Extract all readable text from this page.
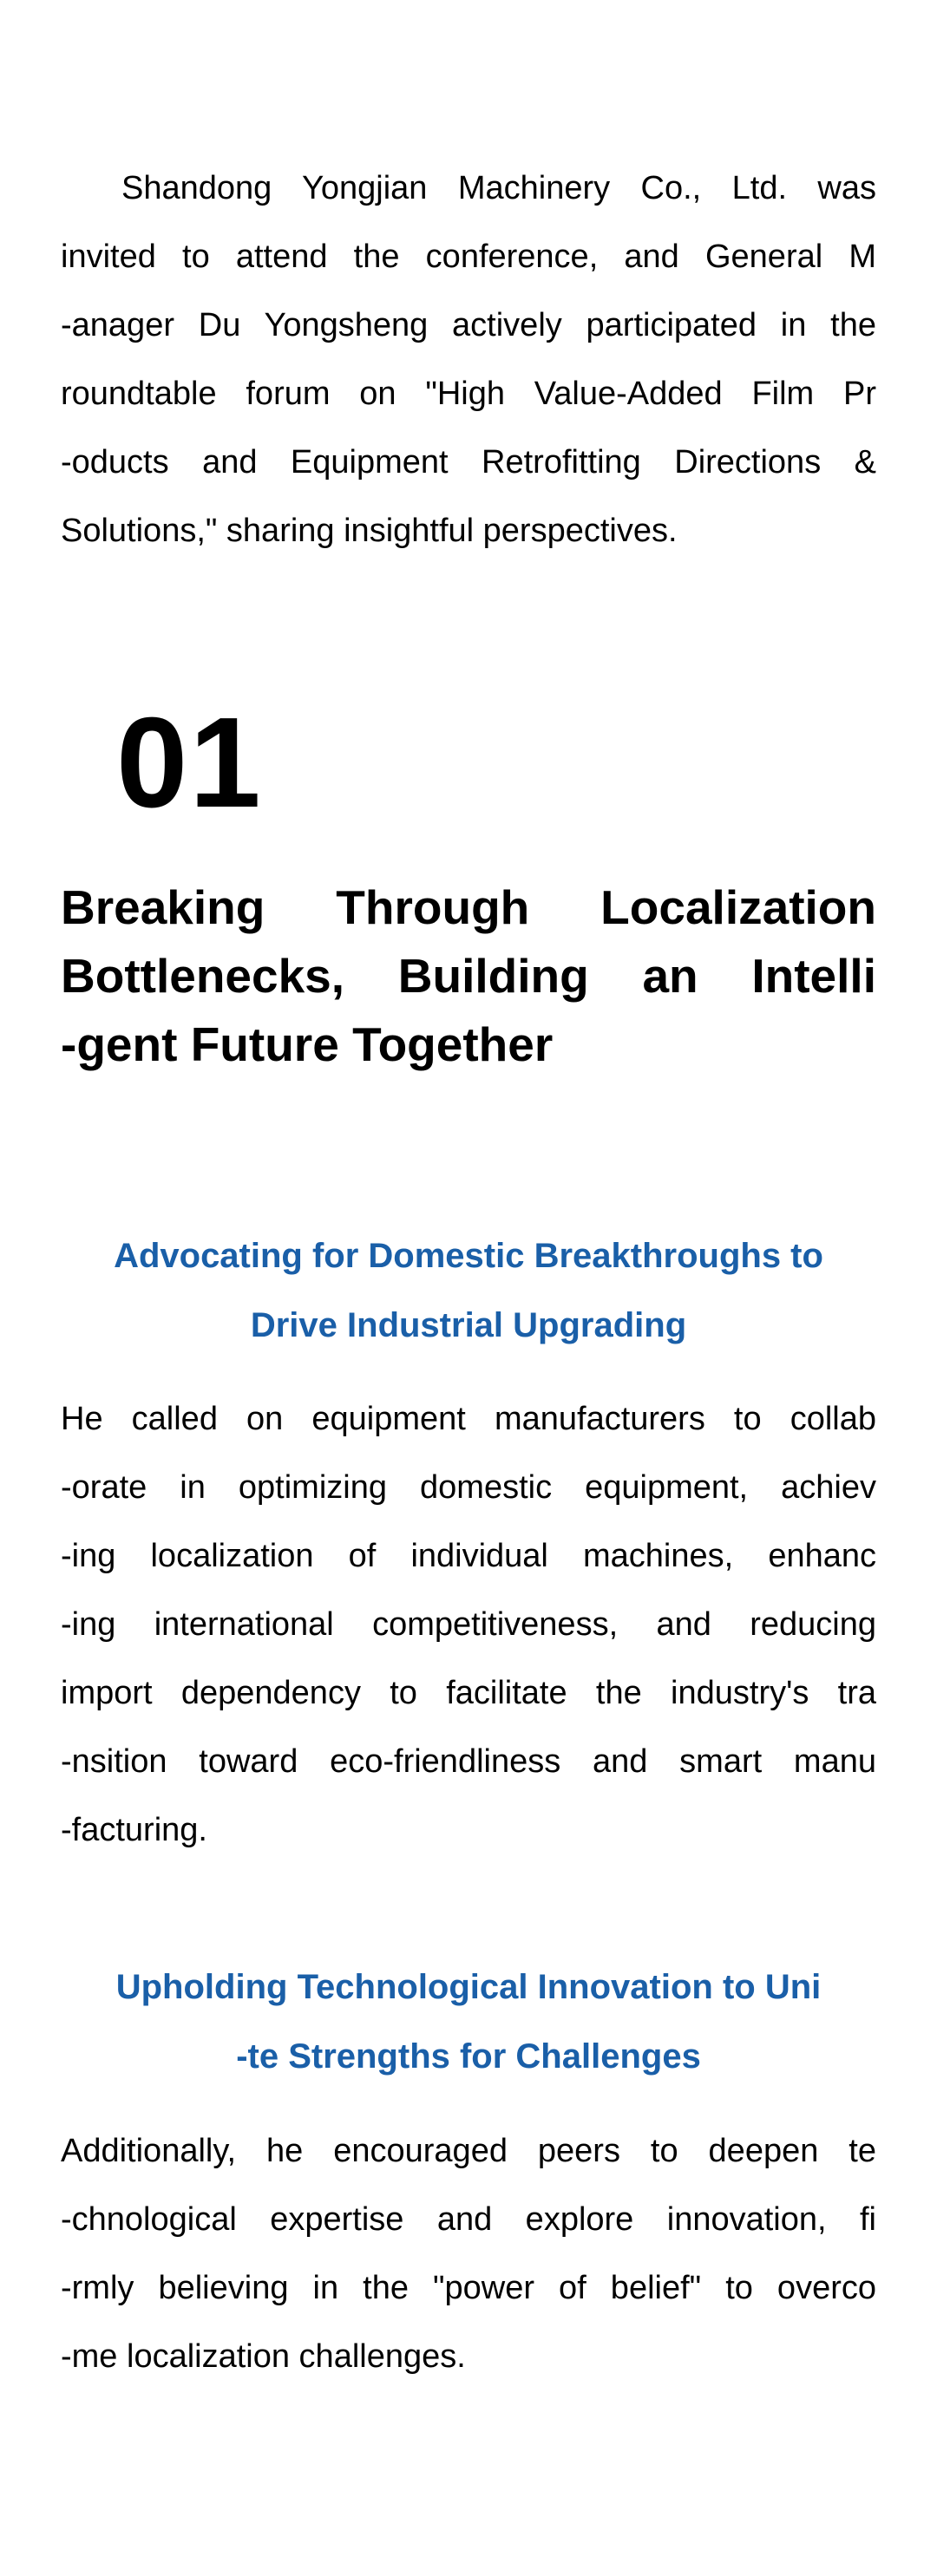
Shandong Yongjian Machinery Co., Ltd. was
invited to attend the conference, and General M
-anager Du Yongsheng actively participated in the
roundtable forum on "High Value-Added Film Pr
-oducts and Equipment Retrofitting Directions &
Solutions," sharing insightful perspectives.
01
Breaking Through Localization
Bottlenecks, Building an Intelli
-gent Future Together
Advocating for Domestic Breakthroughs to
Drive Industrial Upgrading
He called on equipment manufacturers to collab
-orate in optimizing domestic equipment, achiev
-ing localization of individual machines, enhanc
-ing international competitiveness, and reducing
import dependency to facilitate the industry's tra
-nsition toward eco-friendliness and smart manu
-facturing.
Upholding Technological Innovation to Uni
-te Strengths for Challenges
Additionally, he encouraged peers to deepen te
-chnological expertise and explore innovation, fi
-rmly believing in the "power of belief" to overco
-me localization challenges.
